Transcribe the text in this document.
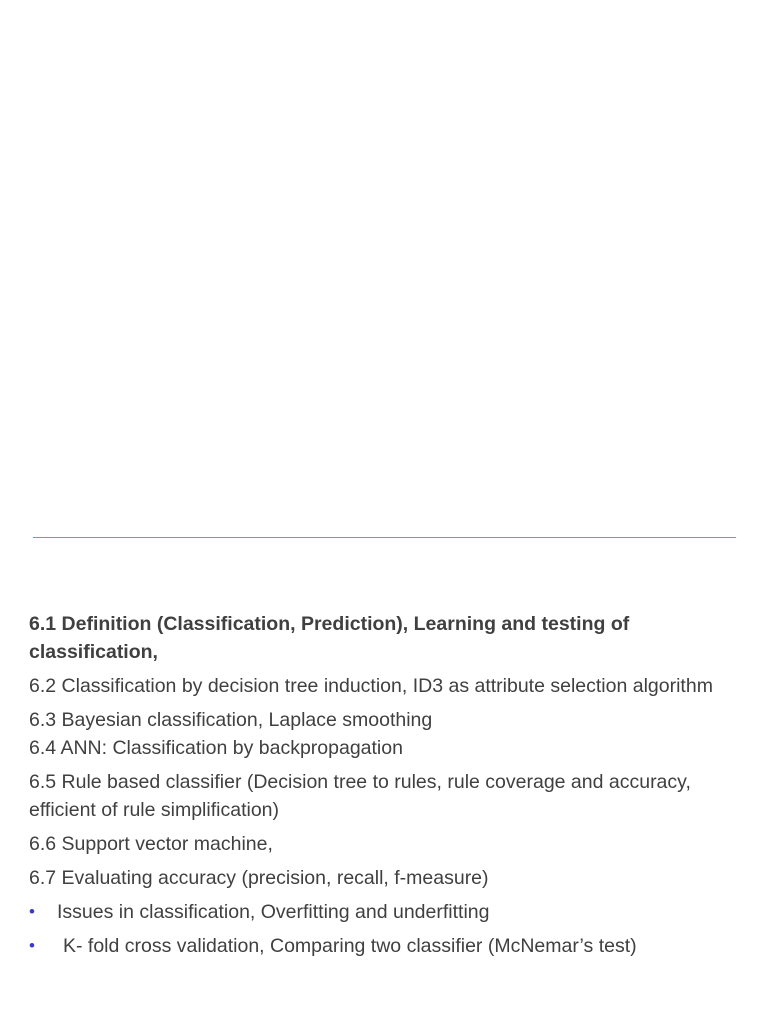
6.1 Definition (Classification, Prediction), Learning and testing of classification,
6.2 Classification by decision tree induction, ID3 as attribute selection algorithm
6.3 Bayesian classification, Laplace smoothing
6.4 ANN: Classification by backpropagation
6.5 Rule based classifier (Decision tree to rules, rule coverage and accuracy, efficient of rule simplification)
6.6 Support vector machine,
6.7 Evaluating accuracy (precision, recall, f-measure)
•	Issues in classification, Overfitting and underfitting
•	K- fold cross validation, Comparing two classifier (McNemar’s test)
